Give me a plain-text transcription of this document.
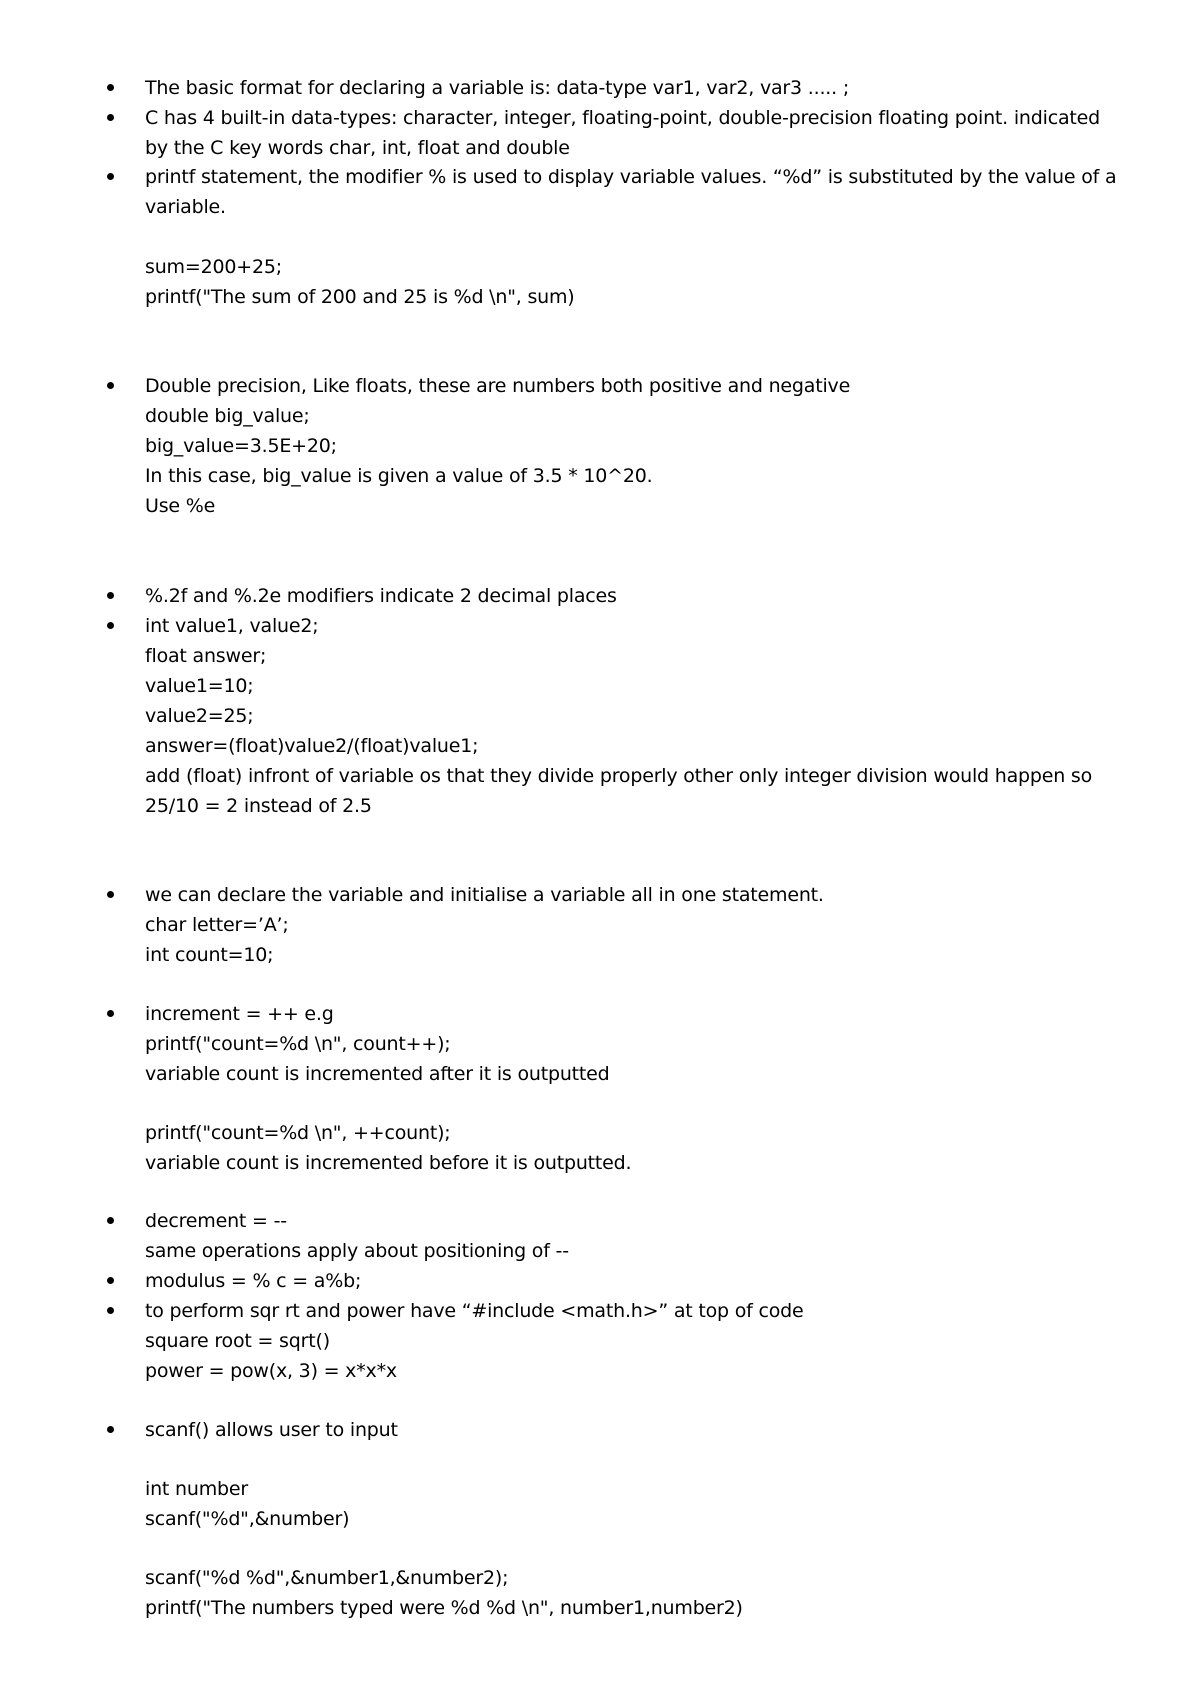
The basic format for declaring a variable is: data-type var1, var2, var3 ..... ;
C has 4 built-in data-types: character, integer, floating-point, double-precision floating point. indicated
by the C key words char, int, float and double
printf statement, the modifier % is used to display variable values. “%d” is substituted by the value of a
variable.
sum=200+25;
printf("The sum of 200 and 25 is %d \n", sum)
Double precision, Like floats, these are numbers both positive and negative
double big_value;
big_value=3.5E+20;
In this case, big_value is given a value of 3.5 * 10^20.
Use %e
%.2f and %.2e modifiers indicate 2 decimal places
int value1, value2;
float answer;
value1=10;
value2=25;
answer=(float)value2/(float)value1;
add (float) infront of variable os that they divide properly other only integer division would happen so
25/10 = 2 instead of 2.5
we can declare the variable and initialise a variable all in one statement.
char letter=’A’;
int count=10;
increment = ++ e.g
printf("count=%d \n", count++);
variable count is incremented after it is outputted
printf("count=%d \n", ++count);
variable count is incremented before it is outputted.
decrement = --
same operations apply about positioning of --
modulus = % c = a%b;
to perform sqr rt and power have “#include <math.h>” at top of code
square root = sqrt()
power = pow(x, 3) = x*x*x
scanf() allows user to input
int number
scanf("%d",&number)
scanf("%d %d",&number1,&number2);
printf("The numbers typed were %d %d \n", number1,number2)
